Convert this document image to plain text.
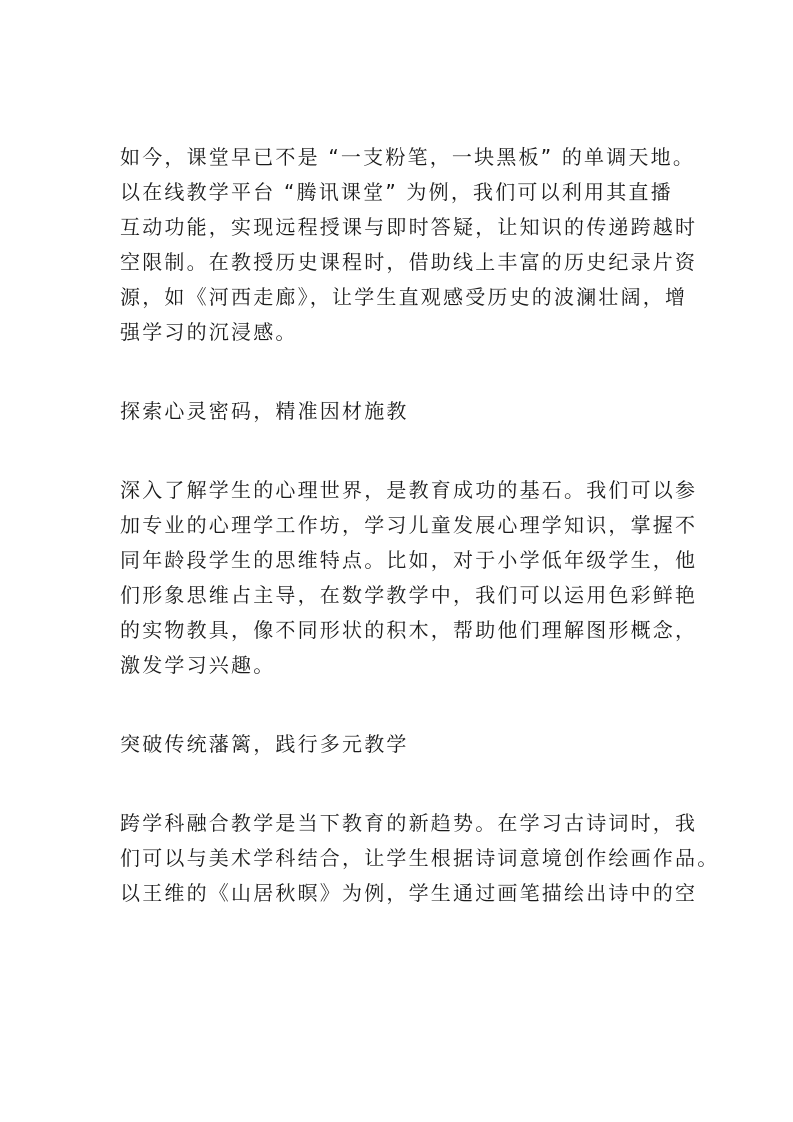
如今，课堂早已不是 “一支粉笔，一块黑板” 的单调天地。
以在线教学平台 “腾讯课堂” 为例，我们可以利用其直播
互动功能，实现远程授课与即时答疑，让知识的传递跨越时
空限制。在教授历史课程时，借助线上丰富的历史纪录片资
源，如《河西走廊》，让学生直观感受历史的波澜壮阔，增
强学习的沉浸感。
探索心灵密码，精准因材施教
深入了解学生的心理世界，是教育成功的基石。我们可以参
加专业的心理学工作坊，学习儿童发展心理学知识，掌握不
同年龄段学生的思维特点。比如，对于小学低年级学生，他
们形象思维占主导，在数学教学中，我们可以运用色彩鲜艳
的实物教具，像不同形状的积木，帮助他们理解图形概念，
激发学习兴趣。
突破传统藩篱，践行多元教学
跨学科融合教学是当下教育的新趋势。在学习古诗词时，我
们可以与美术学科结合，让学生根据诗词意境创作绘画作品。
以王维的《山居秋暝》为例，学生通过画笔描绘出诗中的空
